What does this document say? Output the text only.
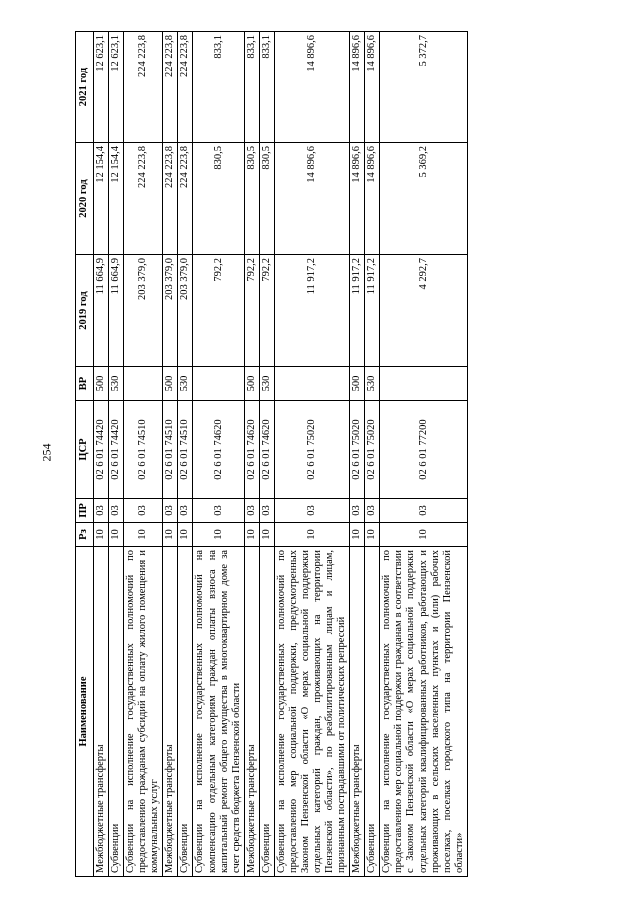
254
Наименование	Рз	ПР	ЦСР	ВР	2019 год	2020 год	2021 год
Межбюджетные трансферты	10	03	02 6 01 74420	500	11 664,9	12 154,4	12 623,1
Субвенции	10	03	02 6 01 74420	530	11 664,9	12 154,4	12 623,1
Субвенции на исполнение государственных полномочий по предоставлению гражданам субсидий на оплату жилого помещения и коммунальных услуг	10	03	02 6 01 74510		203 379,0	224 223,8	224 223,8
Межбюджетные трансферты	10	03	02 6 01 74510	500	203 379,0	224 223,8	224 223,8
Субвенции	10	03	02 6 01 74510	530	203 379,0	224 223,8	224 223,8
Субвенции на исполнение государственных полномочий на компенсацию отдельным категориям граждан оплаты взноса на капитальный ремонт общего имущества в многоквартирном доме за счет средств бюджета Пензенской области	10	03	02 6 01 74620		792,2	830,5	833,1
Межбюджетные трансферты	10	03	02 6 01 74620	500	792,2	830,5	833,1
Субвенции	10	03	02 6 01 74620	530	792,2	830,5	833,1
Субвенции на исполнение государственных полномочий по предоставлению мер социальной поддержки, предусмотренных Законом Пензенской области «О мерах социальной поддержки отдельных категорий граждан, проживающих на территории Пензенской области», по реабилитированным лицам и лицам, признанным пострадавшими от политических репрессий	10	03	02 6 01 75020		11 917,2	14 896,6	14 896,6
Межбюджетные трансферты	10	03	02 6 01 75020	500	11 917,2	14 896,6	14 896,6
Субвенции	10	03	02 6 01 75020	530	11 917,2	14 896,6	14 896,6
Субвенции на исполнение государственных полномочий по предоставлению мер социальной поддержки гражданам в соответствии с Законом Пензенской области «О мерах социальной поддержки отдельных категорий квалифицированных работников, работающих и проживающих в сельских населенных пунктах и (или) рабочих поселках, поселках городского типа на территории Пензенской области»	10	03	02 6 01 77200		4 292,7	5 369,2	5 372,7
